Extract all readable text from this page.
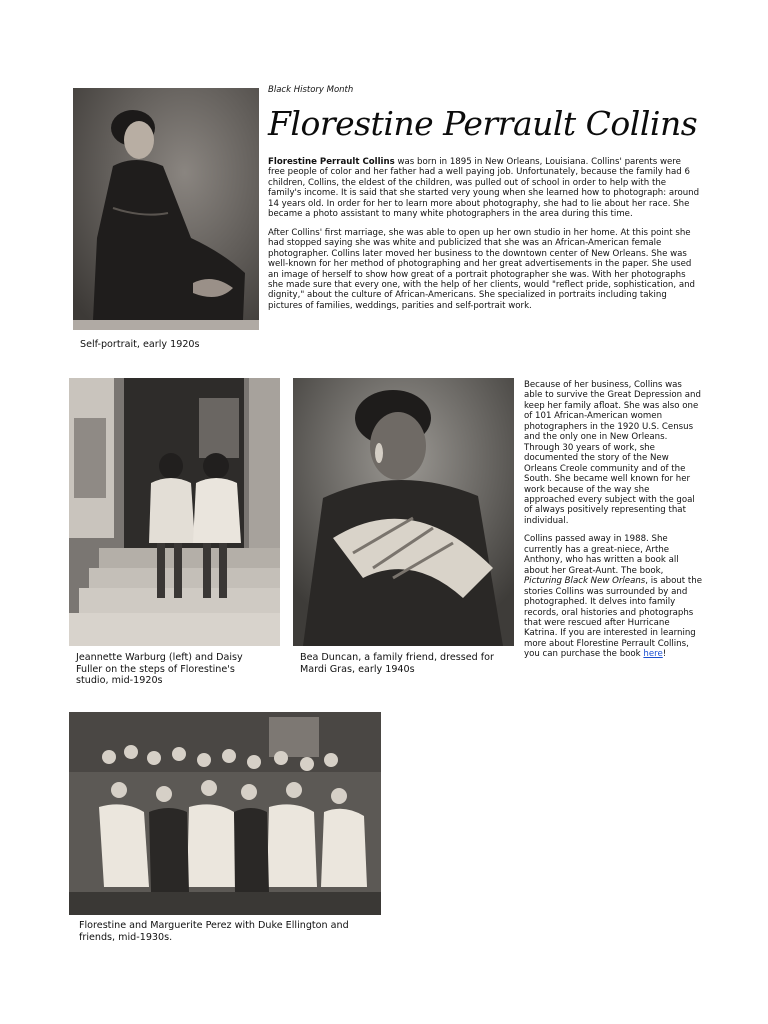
Self-portrait, early 1920s
Black History Month
Florestine Perrault Collins

Florestine Perrault Collins was born in 1895 in New Orleans, Louisiana. Collins' parents were free people of color and her father had a well paying job. Unfortunately, because the family had 6 children, Collins, the eldest of the children, was pulled out of school in order to help with the family's income. It is said that she started very young when she learned how to photograph: around 14 years old. In order for her to learn more about photography, she had to lie about her race. She became a photo assistant to many white photographers in the area during this time.

After Collins' first marriage, she was able to open up her own studio in her home. At this point she had stopped saying she was white and publicized that she was an African-American female photographer. Collins later moved her business to the downtown center of New Orleans. She was well-known for her method of photographing and her great advertisements in the paper. She used an image of herself to show how great of a portrait photographer she was. With her photographs she made sure that every one, with the help of her clients, would "reflect pride, sophistication, and dignity," about the culture of African-Americans. She specialized in portraits including taking pictures of families, weddings, parities and self-portrait work.

Jeannette Warburg (left) and Daisy Fuller on the steps of Florestine's studio, mid-1920s
Bea Duncan, a family friend, dressed for Mardi Gras, early 1940s

Because of her business, Collins was able to survive the Great Depression and keep her family afloat. She was also one of 101 African-American women photographers in the 1920 U.S. Census and the only one in New Orleans. Through 30 years of work, she documented the story of the New Orleans Creole community and of the South. She became well known for her work because of the way she approached every subject with the goal of always positively representing that individual.

Collins passed away in 1988. She currently has a great-niece, Arthe Anthony, who has written a book all about her Great-Aunt. The book, Picturing Black New Orleans, is about the stories Collins was surrounded by and photographed. It delves into family records, oral histories and photographs that were rescued after Hurricane Katrina. If you are interested in learning more about Florestine Perrault Collins, you can purchase the book here!

Florestine and Marguerite Perez with Duke Ellington and friends, mid-1930s.
